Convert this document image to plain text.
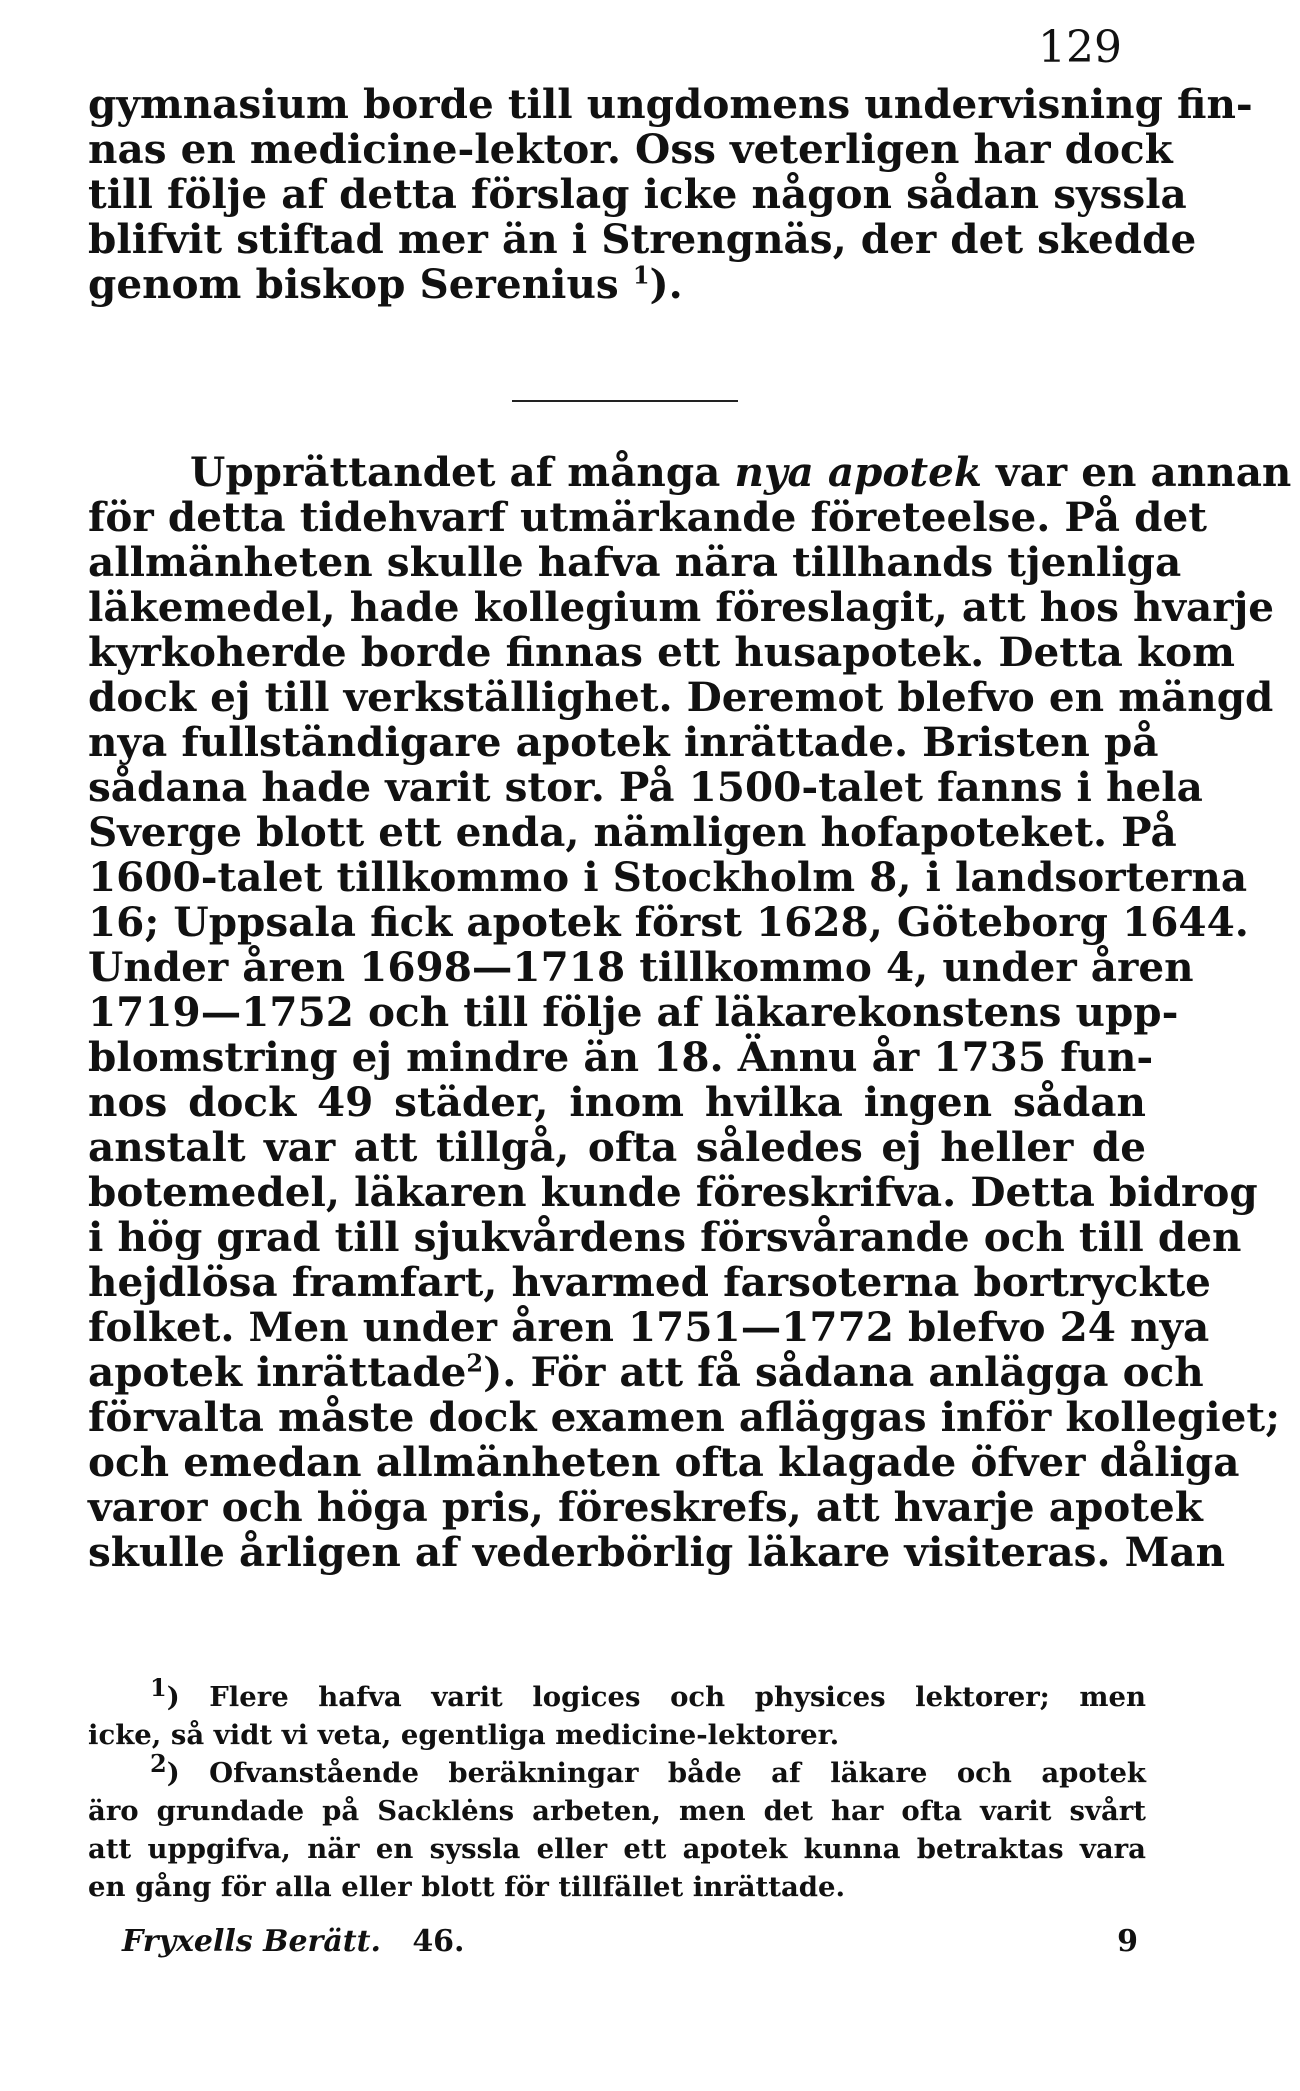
129
gymnasium borde till ungdomens undervisning fin-
nas en medicine-lektor. Oss veterligen har dock
till följe af detta förslag icke någon sådan syssla
blifvit stiftad mer än i Strengnäs, der det skedde
genom biskop Serenius $^1$).
Upprättandet af många nya apotek var en annan
för detta tidehvarf utmärkande företeelse. På det
allmänheten skulle hafva nära tillhands tjenliga
läkemedel, hade kollegium föreslagit, att hos hvarje
kyrkoherde borde finnas ett husapotek. Detta kom
dock ej till verkställighet. Deremot blefvo en mängd
nya fullständigare apotek inrättade. Bristen på
sådana hade varit stor. På 1500-talet fanns i hela
Sverge blott ett enda, nämligen hofapoteket. På
1600-talet tillkommo i Stockholm 8, i landsorterna
16; Uppsala fick apotek först 1628, Göteborg 1644.
Under åren 1698—1718 tillkommo 4, under åren
1719—1752 och till följe af läkarekonstens upp-
blomstring ej mindre än 18. Ännu år 1735 fun-
nos dock 49 städer, inom hvilka ingen sådan
anstalt var att tillgå, ofta således ej heller de
botemedel, läkaren kunde föreskrifva. Detta bidrog
i hög grad till sjukvårdens försvårande och till den
hejdlösa framfart, hvarmed farsoterna bortryckte
folket. Men under åren 1751—1772 blefvo 24 nya
apotek inrättade$^2$). För att få sådana anlägga och
förvalta måste dock examen afläggas inför kollegiet;
och emedan allmänheten ofta klagade öfver dåliga
varor och höga pris, föreskrefs, att hvarje apotek
skulle årligen af vederbörlig läkare visiteras. Man
1) Flere hafva varit logices och physices lektorer; men
icke, så vidt vi veta, egentliga medicine-lektorer.
2) Ofvanstående beräkningar både af läkare och apotek
äro grundade på Sacklėns arbeten, men det har ofta varit svårt
att uppgifva, när en syssla eller ett apotek kunna betraktas vara
en gång för alla eller blott för tillfället inrättade.
Fryxells Berätt. 46.	9
